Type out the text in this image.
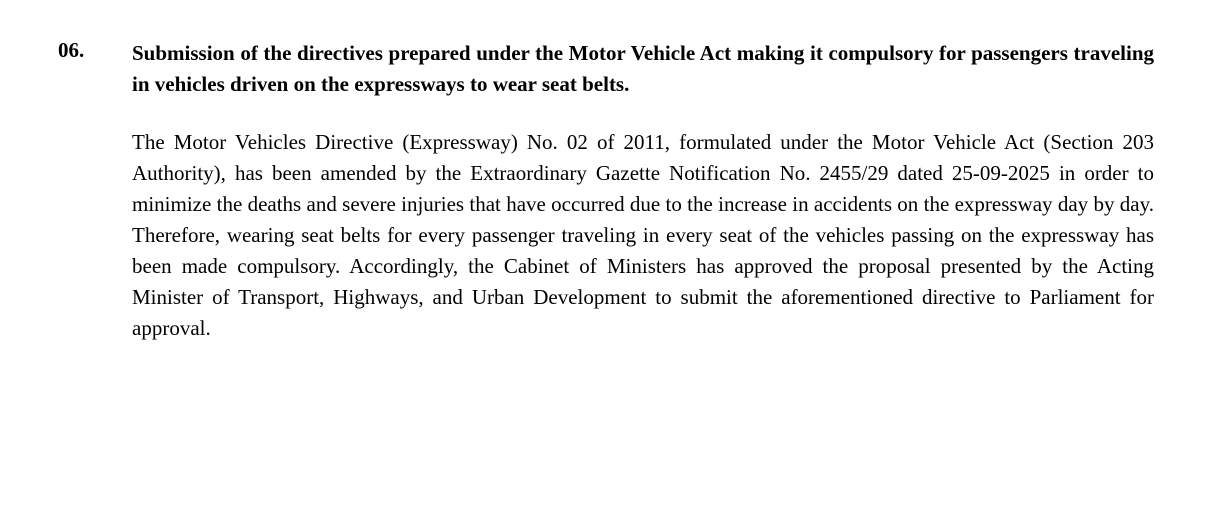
06. Submission of the directives prepared under the Motor Vehicle Act making it compulsory for passengers traveling in vehicles driven on the expressways to wear seat belts.
The Motor Vehicles Directive (Expressway) No. 02 of 2011, formulated under the Motor Vehicle Act (Section 203 Authority), has been amended by the Extraordinary Gazette Notification No. 2455/29 dated 25-09-2025 in order to minimize the deaths and severe injuries that have occurred due to the increase in accidents on the expressway day by day. Therefore, wearing seat belts for every passenger traveling in every seat of the vehicles passing on the expressway has been made compulsory. Accordingly, the Cabinet of Ministers has approved the proposal presented by the Acting Minister of Transport, Highways, and Urban Development to submit the aforementioned directive to Parliament for approval.
